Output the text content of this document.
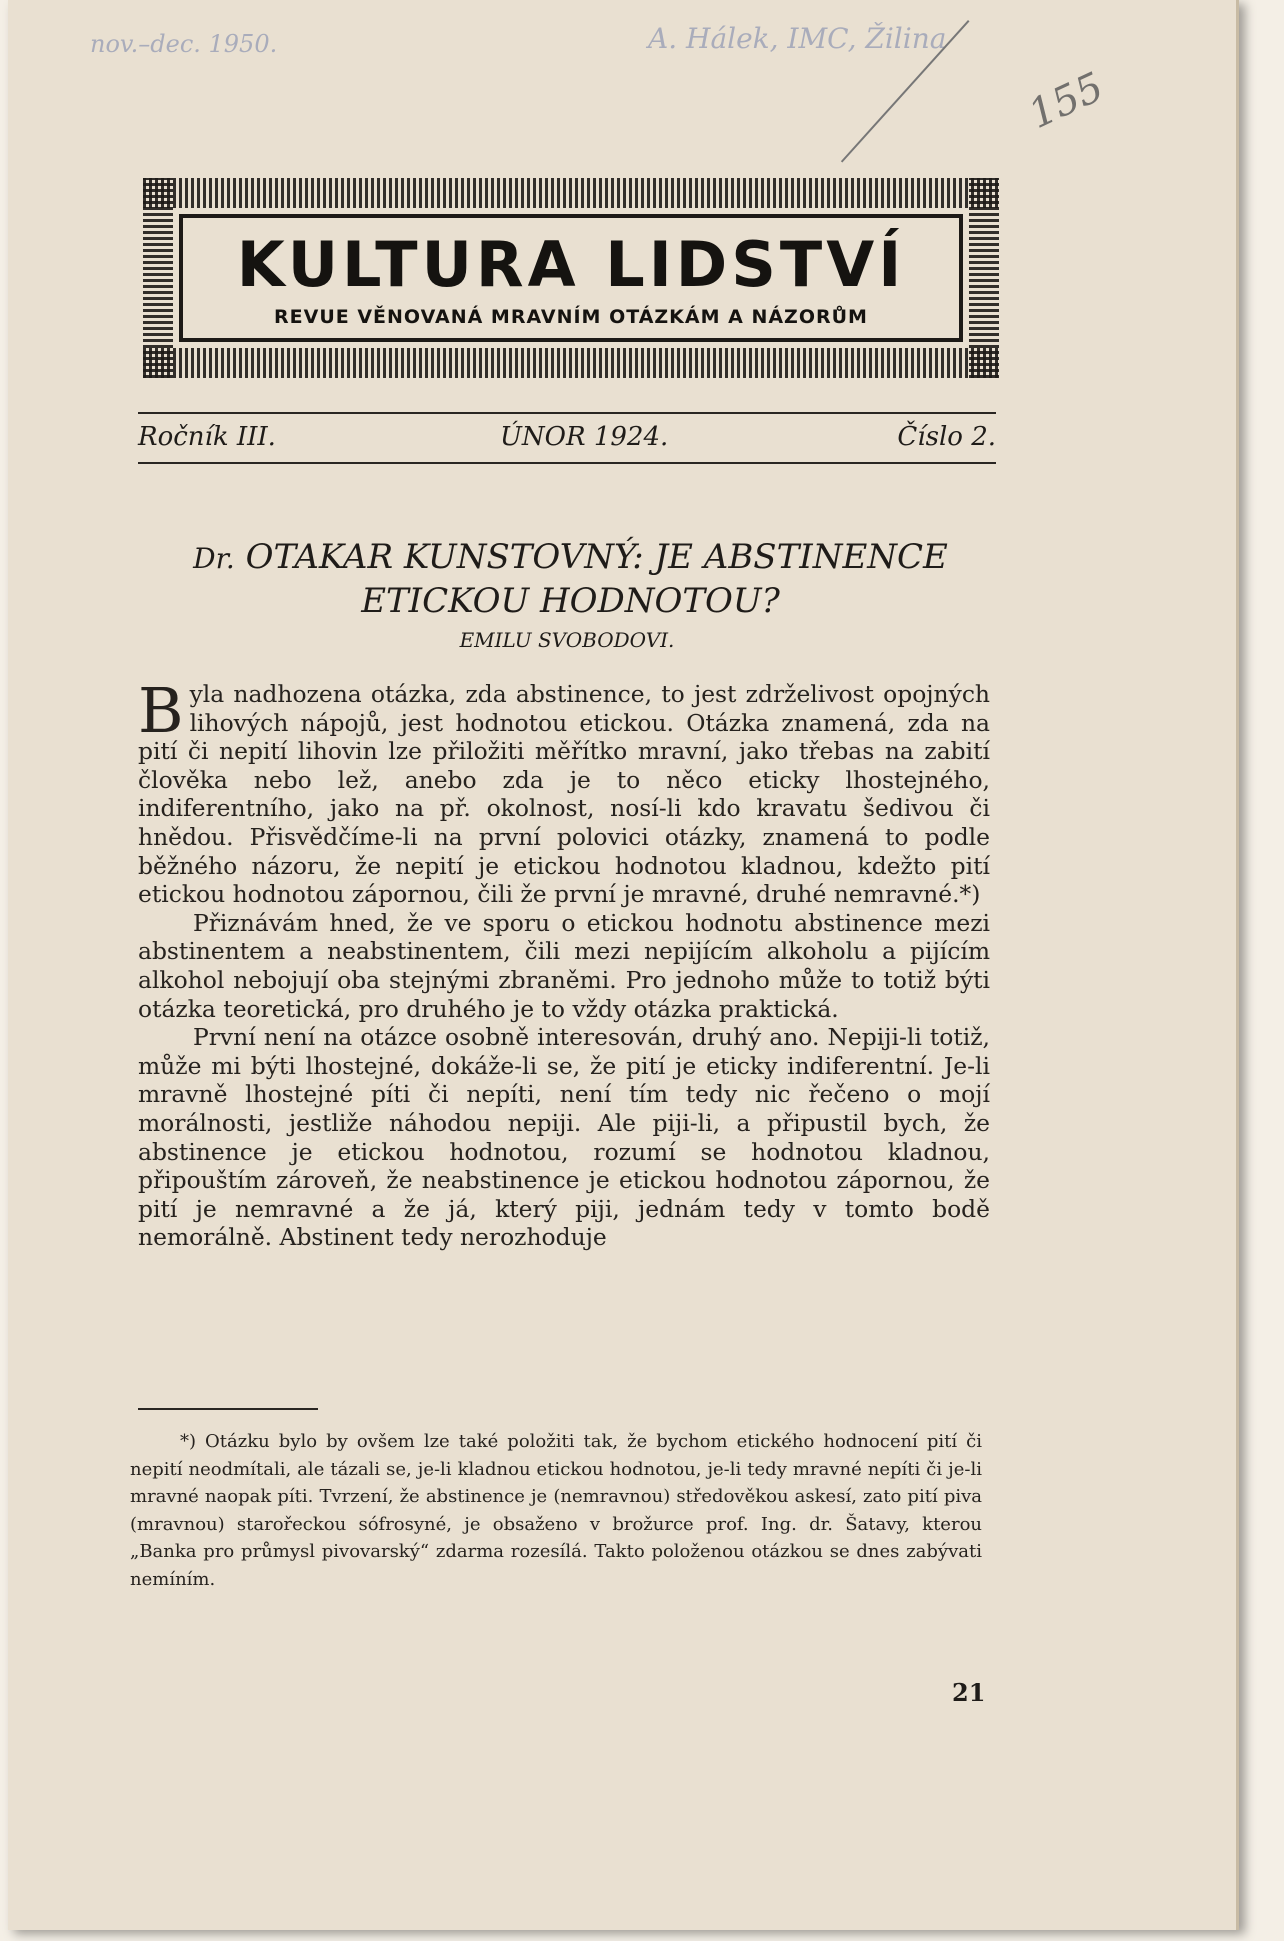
nov.–dec. 1950.	A. Hálek, IMC, Žilina
155
KULTURA LIDSTVÍ
REVUE VĚNOVANÁ MRAVNÍM OTÁZKÁM A NÁZORŮM
Ročník III.	ÚNOR 1924.	Číslo 2.
Dr. OTAKAR KUNSTOVNÝ: JE ABSTINENCE
ETICKOU HODNOTOU?
EMILU SVOBODOVI.

Byla nadhozena otázka, zda abstinence, to jest zdrželivost opojných lihových nápojů, jest hodnotou etickou. Otázka znamená, zda na pití či nepití lihovin lze přiložiti měřítko mravní, jako třebas na zabití člověka nebo lež, anebo zda je to něco eticky lhostejného, indiferentního, jako na př. okolnost, nosí-li kdo kravatu šedivou či hnědou. Přisvědčíme-li na první polovici otázky, znamená to podle běžného názoru, že nepití je etickou hodnotou kladnou, kdežto pití etickou hodnotou zápornou, čili že první je mravné, druhé nemravné.*)

Přiznávám hned, že ve sporu o etickou hodnotu abstinence mezi abstinentem a neabstinentem, čili mezi nepijícím alkoholu a pijícím alkohol nebojují oba stejnými zbraněmi. Pro jednoho může to totiž býti otázka teoretická, pro druhého je to vždy otázka praktická.

První není na otázce osobně interesován, druhý ano. Nepiji-li totiž, může mi býti lhostejné, dokáže-li se, že pití je eticky indiferentní. Je-li mravně lhostejné píti či nepíti, není tím tedy nic řečeno o mojí morálnosti, jestliže náhodou nepiji. Ale piji-li, a připustil bych, že abstinence je etickou hodnotou, rozumí se hodnotou kladnou, připouštím zároveň, že neabstinence je etickou hodnotou zápornou, že pití je nemravné a že já, který piji, jednám tedy v tomto bodě nemorálně. Abstinent tedy nerozhoduje

*) Otázku bylo by ovšem lze také položiti tak, že bychom etického hodnocení pití či nepití neodmítali, ale tázali se, je-li kladnou etickou hodnotou, je-li tedy mravné nepíti či je-li mravné naopak píti. Tvrzení, že abstinence je (nemravnou) středověkou askesí, zato pití piva (mravnou) starořeckou sófrosyné, je obsaženo v brožurce prof. Ing. dr. Šatavy, kterou „Banka pro průmysl pivovarský“ zdarma rozesílá. Takto položenou otázkou se dnes zabývati nemíním.
21
